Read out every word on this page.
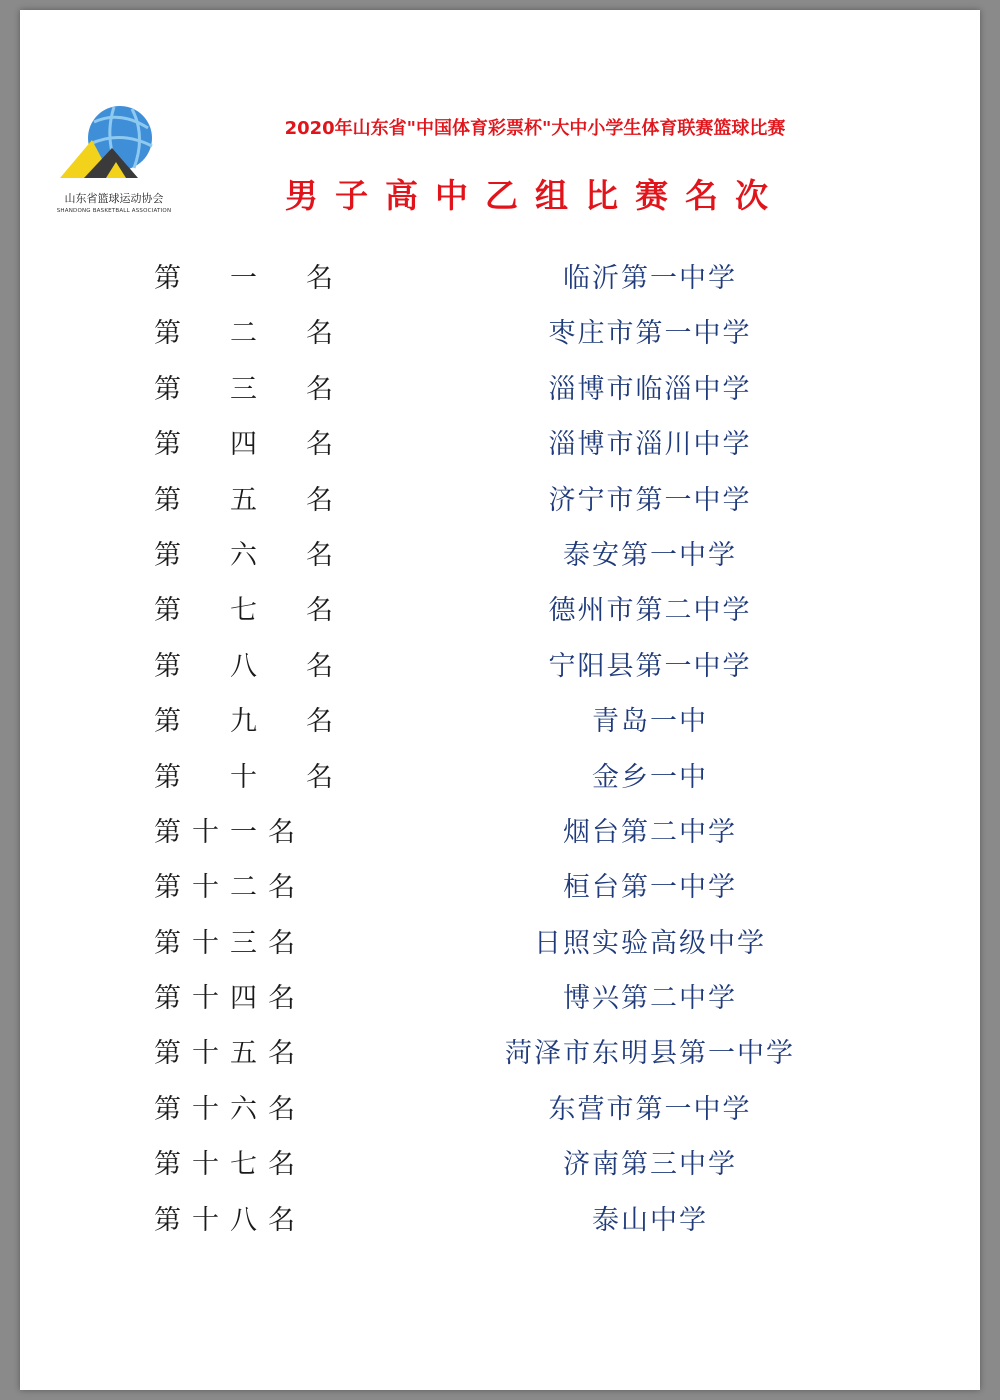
山东省篮球运动协会
SHANDONG BASKETBALL ASSOCIATION
2020年山东省"中国体育彩票杯"大中小学生体育联赛篮球比赛
男子高中乙组比赛名次
第　一　名	临沂第一中学
第　二　名	枣庄市第一中学
第　三　名	淄博市临淄中学
第　四　名	淄博市淄川中学
第　五　名	济宁市第一中学
第　六　名	泰安第一中学
第　七　名	德州市第二中学
第　八　名	宁阳县第一中学
第　九　名	青岛一中
第　十　名	金乡一中
第十一名	烟台第二中学
第十二名	桓台第一中学
第十三名	日照实验高级中学
第十四名	博兴第二中学
第十五名	菏泽市东明县第一中学
第十六名	东营市第一中学
第十七名	济南第三中学
第十八名	泰山中学
